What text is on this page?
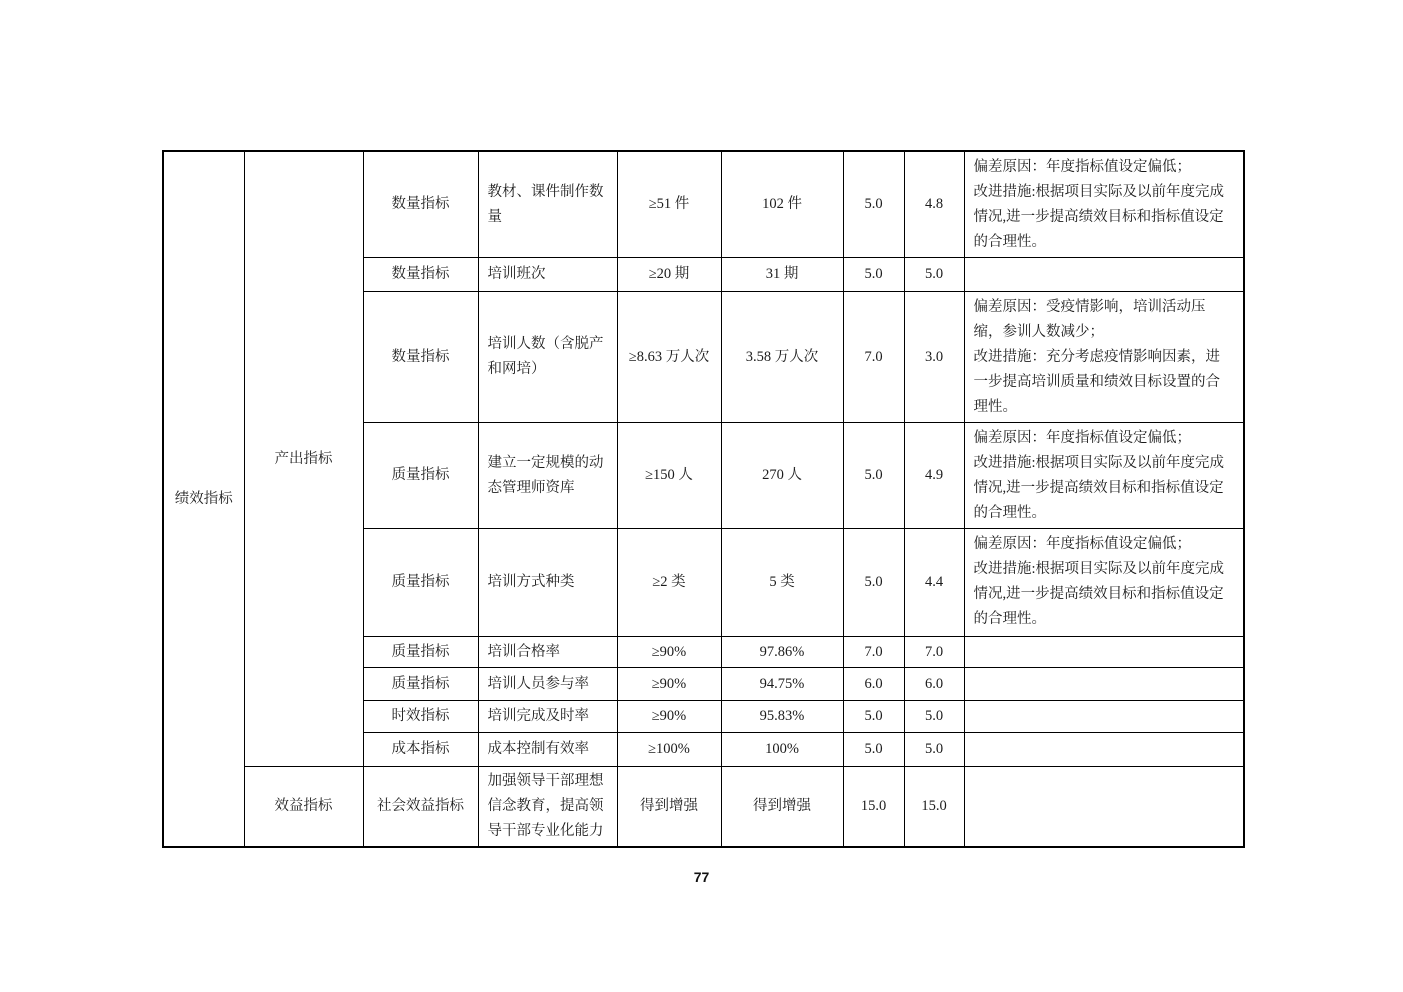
绩效指标	产出指标	数量指标	教材、课件制作数量	≥51 件	102 件	5.0	4.8	偏差原因：年度指标值设定偏低；
改进措施:根据项目实际及以前年度完成情况,进一步提高绩效目标和指标值设定的合理性。

		数量指标	培训班次	≥20 期	31 期	5.0	5.0	
		数量指标	培训人数（含脱产和网培）	≥8.63 万人次	3.58 万人次	7.0	3.0	偏差原因：受疫情影响，培训活动压缩，参训人数减少；
改进措施：充分考虑疫情影响因素，进一步提高培训质量和绩效目标设置的合理性。

		质量指标	建立一定规模的动态管理师资库	≥150 人	270 人	5.0	4.9	偏差原因：年度指标值设定偏低；
改进措施:根据项目实际及以前年度完成情况,进一步提高绩效目标和指标值设定的合理性。

		质量指标	培训方式种类	≥2 类	5 类	5.0	4.4	偏差原因：年度指标值设定偏低；
改进措施:根据项目实际及以前年度完成情况,进一步提高绩效目标和指标值设定的合理性。

		质量指标	培训合格率	≥90%	97.86%	7.0	7.0	
		质量指标	培训人员参与率	≥90%	94.75%	6.0	6.0	
		时效指标	培训完成及时率	≥90%	95.83%	5.0	5.0	
		成本指标	成本控制有效率	≥100%	100%	5.0	5.0	
	效益指标	社会效益指标	加强领导干部理想信念教育，提高领导干部专业化能力	得到增强	得到增强	15.0	15.0	
77
